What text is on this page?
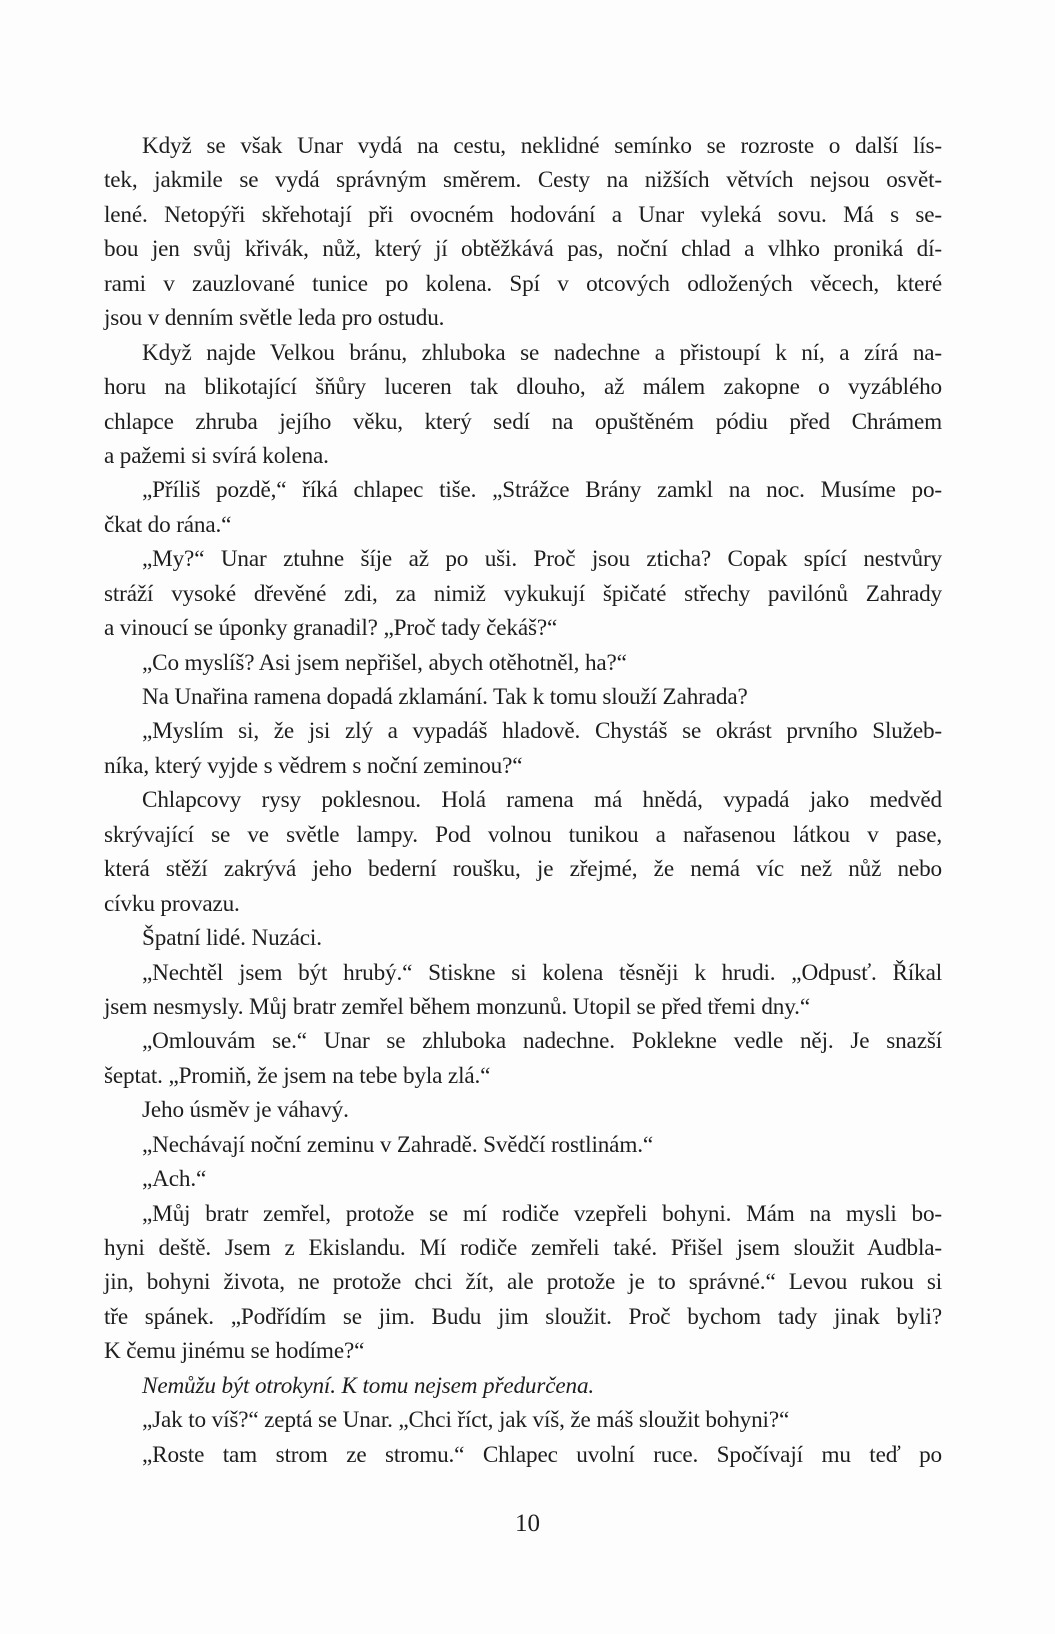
Když se však Unar vydá na cestu, neklidné semínko se rozroste o další lís-
tek, jakmile se vydá správným směrem. Cesty na nižších větvích nejsou osvět-
lené. Netopýři skřehotají při ovocném hodování a Unar vyleká sovu. Má s se-
bou jen svůj křivák, nůž, který jí obtěžkává pas, noční chlad a vlhko proniká dí-
rami v zauzlované tunice po kolena. Spí v otcových odložených věcech, které
jsou v denním světle leda pro ostudu.
Když najde Velkou bránu, zhluboka se nadechne a přistoupí k ní, a zírá na-
horu na blikotající šňůry luceren tak dlouho, až málem zakopne o vyzáblého
chlapce zhruba jejího věku, který sedí na opuštěném pódiu před Chrámem
a pažemi si svírá kolena.
„Příliš pozdě,“ říká chlapec tiše. „Strážce Brány zamkl na noc. Musíme po-
čkat do rána.“
„My?“ Unar ztuhne šíje až po uši. Proč jsou zticha? Copak spící nestvůry
stráží vysoké dřevěné zdi, za nimiž vykukují špičaté střechy pavilónů Zahrady
a vinoucí se úponky granadil? „Proč tady čekáš?“
„Co myslíš? Asi jsem nepřišel, abych otěhotněl, ha?“
Na Unařina ramena dopadá zklamání. Tak k tomu slouží Zahrada?
„Myslím si, že jsi zlý a vypadáš hladově. Chystáš se okrást prvního Služeb-
níka, který vyjde s vědrem s noční zeminou?“
Chlapcovy rysy poklesnou. Holá ramena má hnědá, vypadá jako medvěd
skrývající se ve světle lampy. Pod volnou tunikou a nařasenou látkou v pase,
která stěží zakrývá jeho bederní roušku, je zřejmé, že nemá víc než nůž nebo
cívku provazu.
Špatní lidé. Nuzáci.
„Nechtěl jsem být hrubý.“ Stiskne si kolena těsněji k hrudi. „Odpusť. Říkal
jsem nesmysly. Můj bratr zemřel během monzunů. Utopil se před třemi dny.“
„Omlouvám se.“ Unar se zhluboka nadechne. Poklekne vedle něj. Je snazší
šeptat. „Promiň, že jsem na tebe byla zlá.“
Jeho úsměv je váhavý.
„Nechávají noční zeminu v Zahradě. Svědčí rostlinám.“
„Ach.“
„Můj bratr zemřel, protože se mí rodiče vzepřeli bohyni. Mám na mysli bo-
hyni deště. Jsem z Ekislandu. Mí rodiče zemřeli také. Přišel jsem sloužit Audbla-
jin, bohyni života, ne protože chci žít, ale protože je to správné.“ Levou rukou si
tře spánek. „Podřídím se jim. Budu jim sloužit. Proč bychom tady jinak byli?
K čemu jinému se hodíme?“
Nemůžu být otrokyní. K tomu nejsem předurčena.
„Jak to víš?“ zeptá se Unar. „Chci říct, jak víš, že máš sloužit bohyni?“
„Roste tam strom ze stromu.“ Chlapec uvolní ruce. Spočívají mu teď po
10
